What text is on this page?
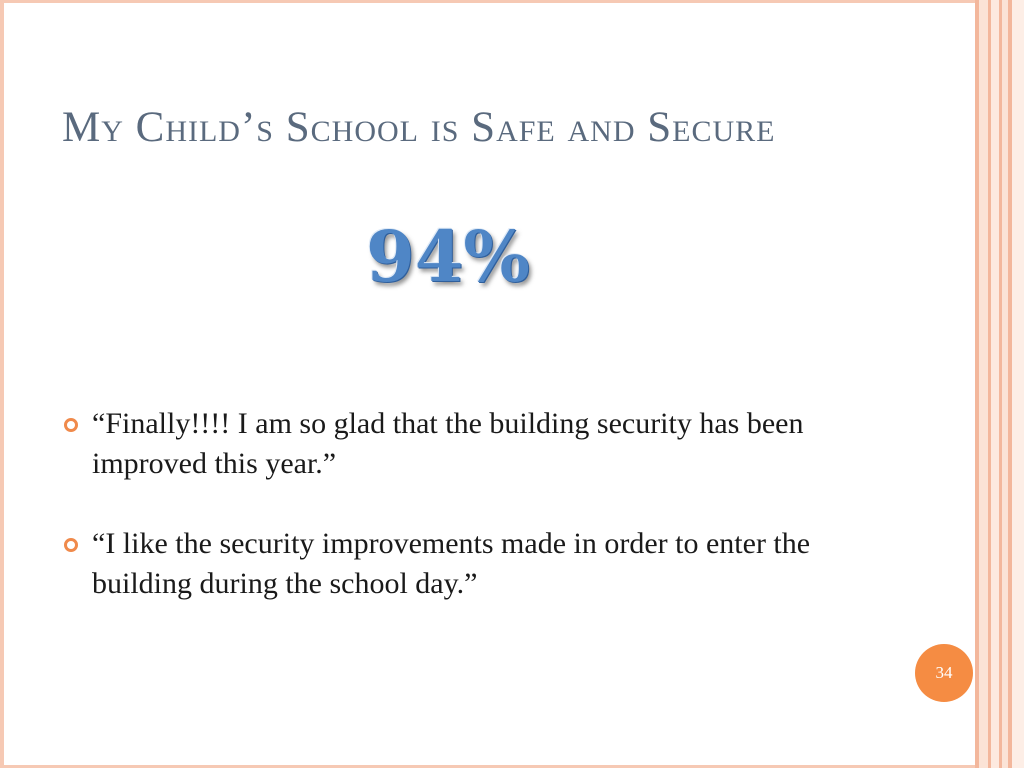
My Child’s School is Safe and Secure
94%
“Finally!!!! I am so glad that the building security has been improved this year.”
“I like the security improvements made in order to enter the building during the school day.”
34
